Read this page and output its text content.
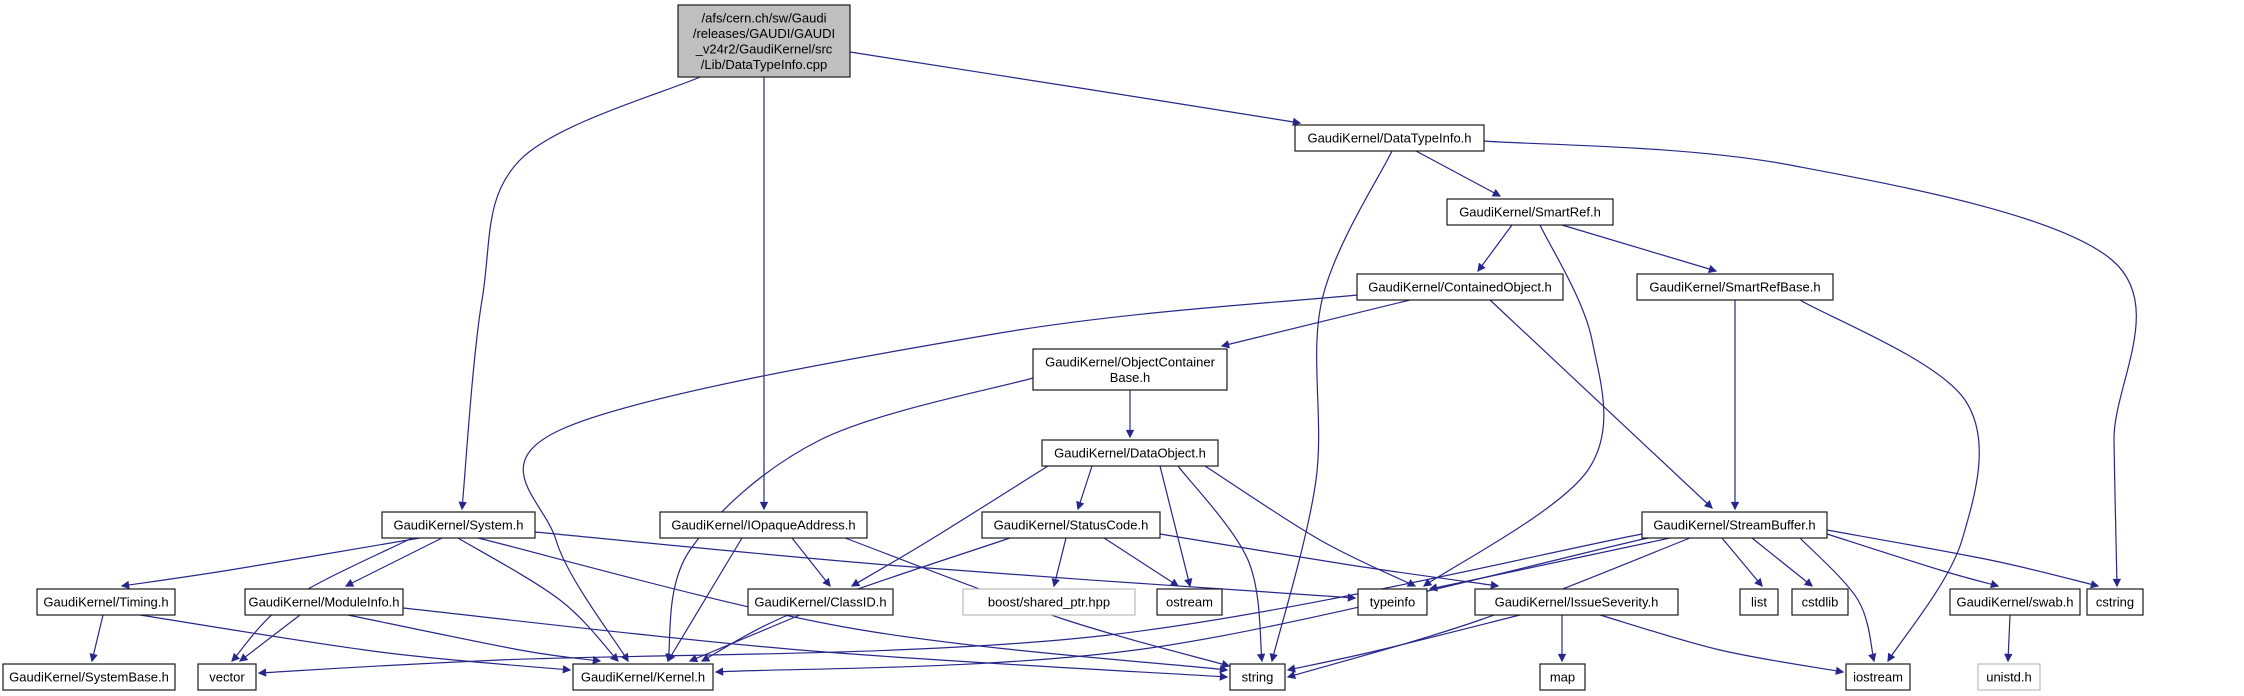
/afs/cern.ch/sw/Gaudi /releases/GAUDI/GAUDI _v24r2/GaudiKernel/src /Lib/DataTypeInfo.cpp
GaudiKernel/DataTypeInfo.h
GaudiKernel/SmartRef.h
GaudiKernel/ContainedObject.h	GaudiKernel/SmartRefBase.h
GaudiKernel/ObjectContainer Base.h
GaudiKernel/DataObject.h
GaudiKernel/System.h	GaudiKernel/IOpaqueAddress.h	GaudiKernel/StatusCode.h	GaudiKernel/StreamBuffer.h
GaudiKernel/Timing.h	GaudiKernel/ModuleInfo.h	GaudiKernel/ClassID.h	boost/shared_ptr.hpp	ostream	typeinfo	GaudiKernel/IssueSeverity.h	list	cstdlib	GaudiKernel/swab.h cstring
GaudiKernel/SystemBase.h	vector	GaudiKernel/Kernel.h	string	map	iostream	unistd.h
